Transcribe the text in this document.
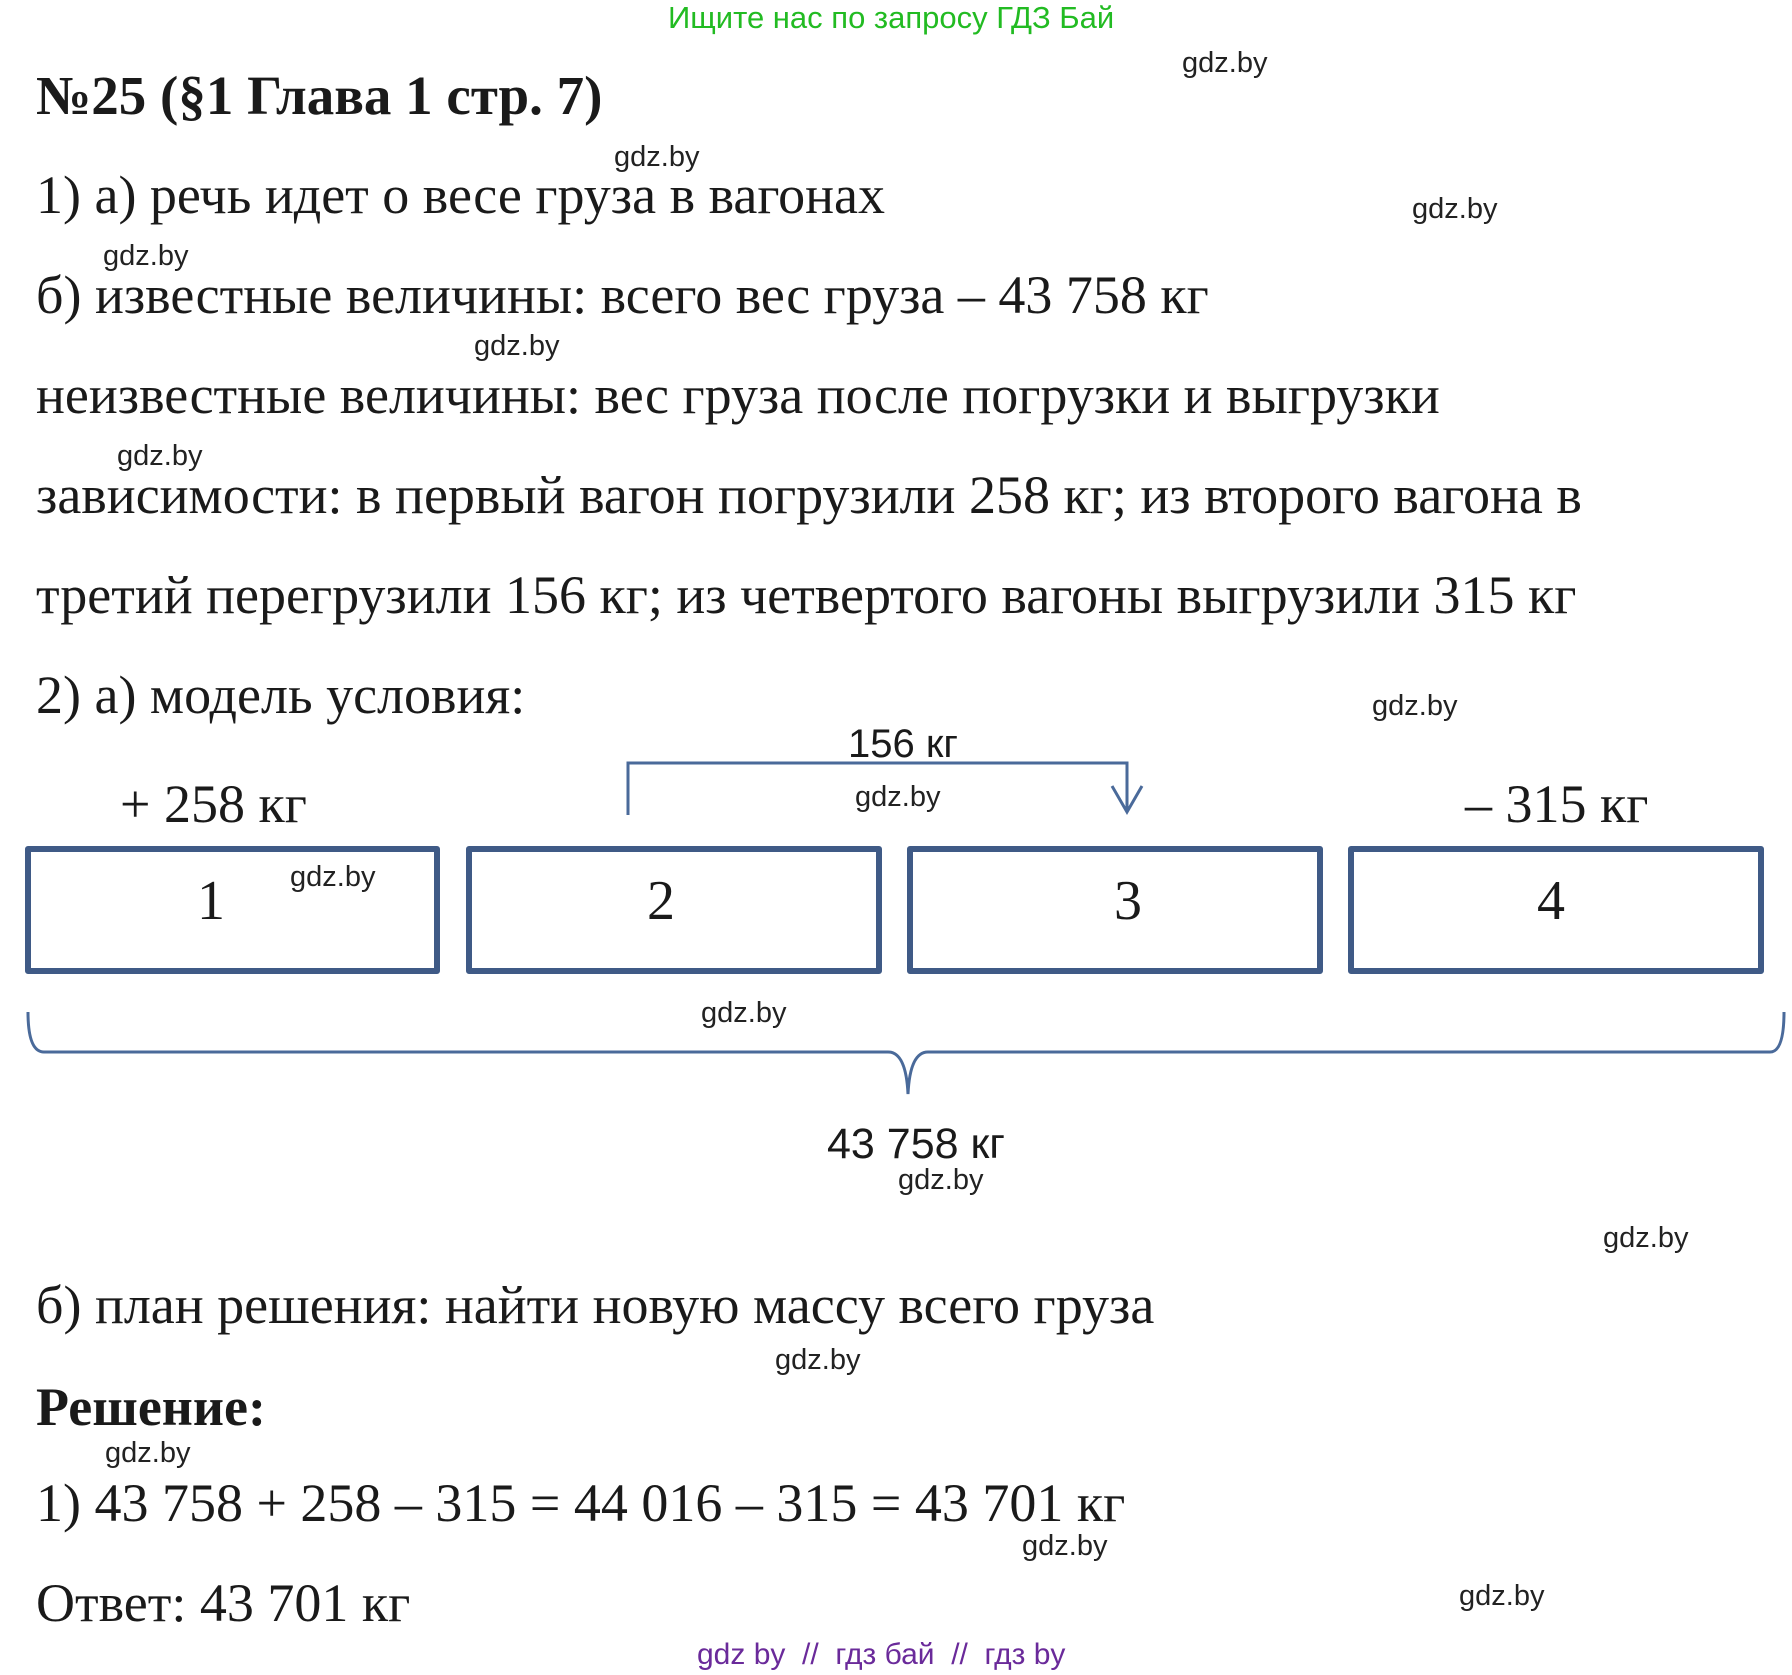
Ищите нас по запросу ГДЗ Бай
№25 (§1 Глава 1 стр. 7)
1) а) речь идет о весе груза в вагонах
б) известные величины: всего вес груза – 43 758 кг
неизвестные величины: вес груза после погрузки и выгрузки
зависимости: в первый вагон погрузили 258 кг; из второго вагона в
третий перегрузили 156 кг; из четвертого вагоны выгрузили 315 кг
2) а) модель условия:
156 кг
+ 258 кг	– 315 кг
1	2	3	4
43 758 кг
б) план решения: найти новую массу всего груза
Решение:
1) 43 758 + 258 – 315 = 44 016 – 315 = 43 701 кг
Ответ: 43 701 кг
gdz.by
gdz.by
gdz.by
gdz.by
gdz.by
gdz.by
gdz.by
gdz.by
gdz.by
gdz.by
gdz.by
gdz.by
gdz.by
gdz.by
gdz.by
gdz.by
gdz by  //  гдз бай  //  гдз by
